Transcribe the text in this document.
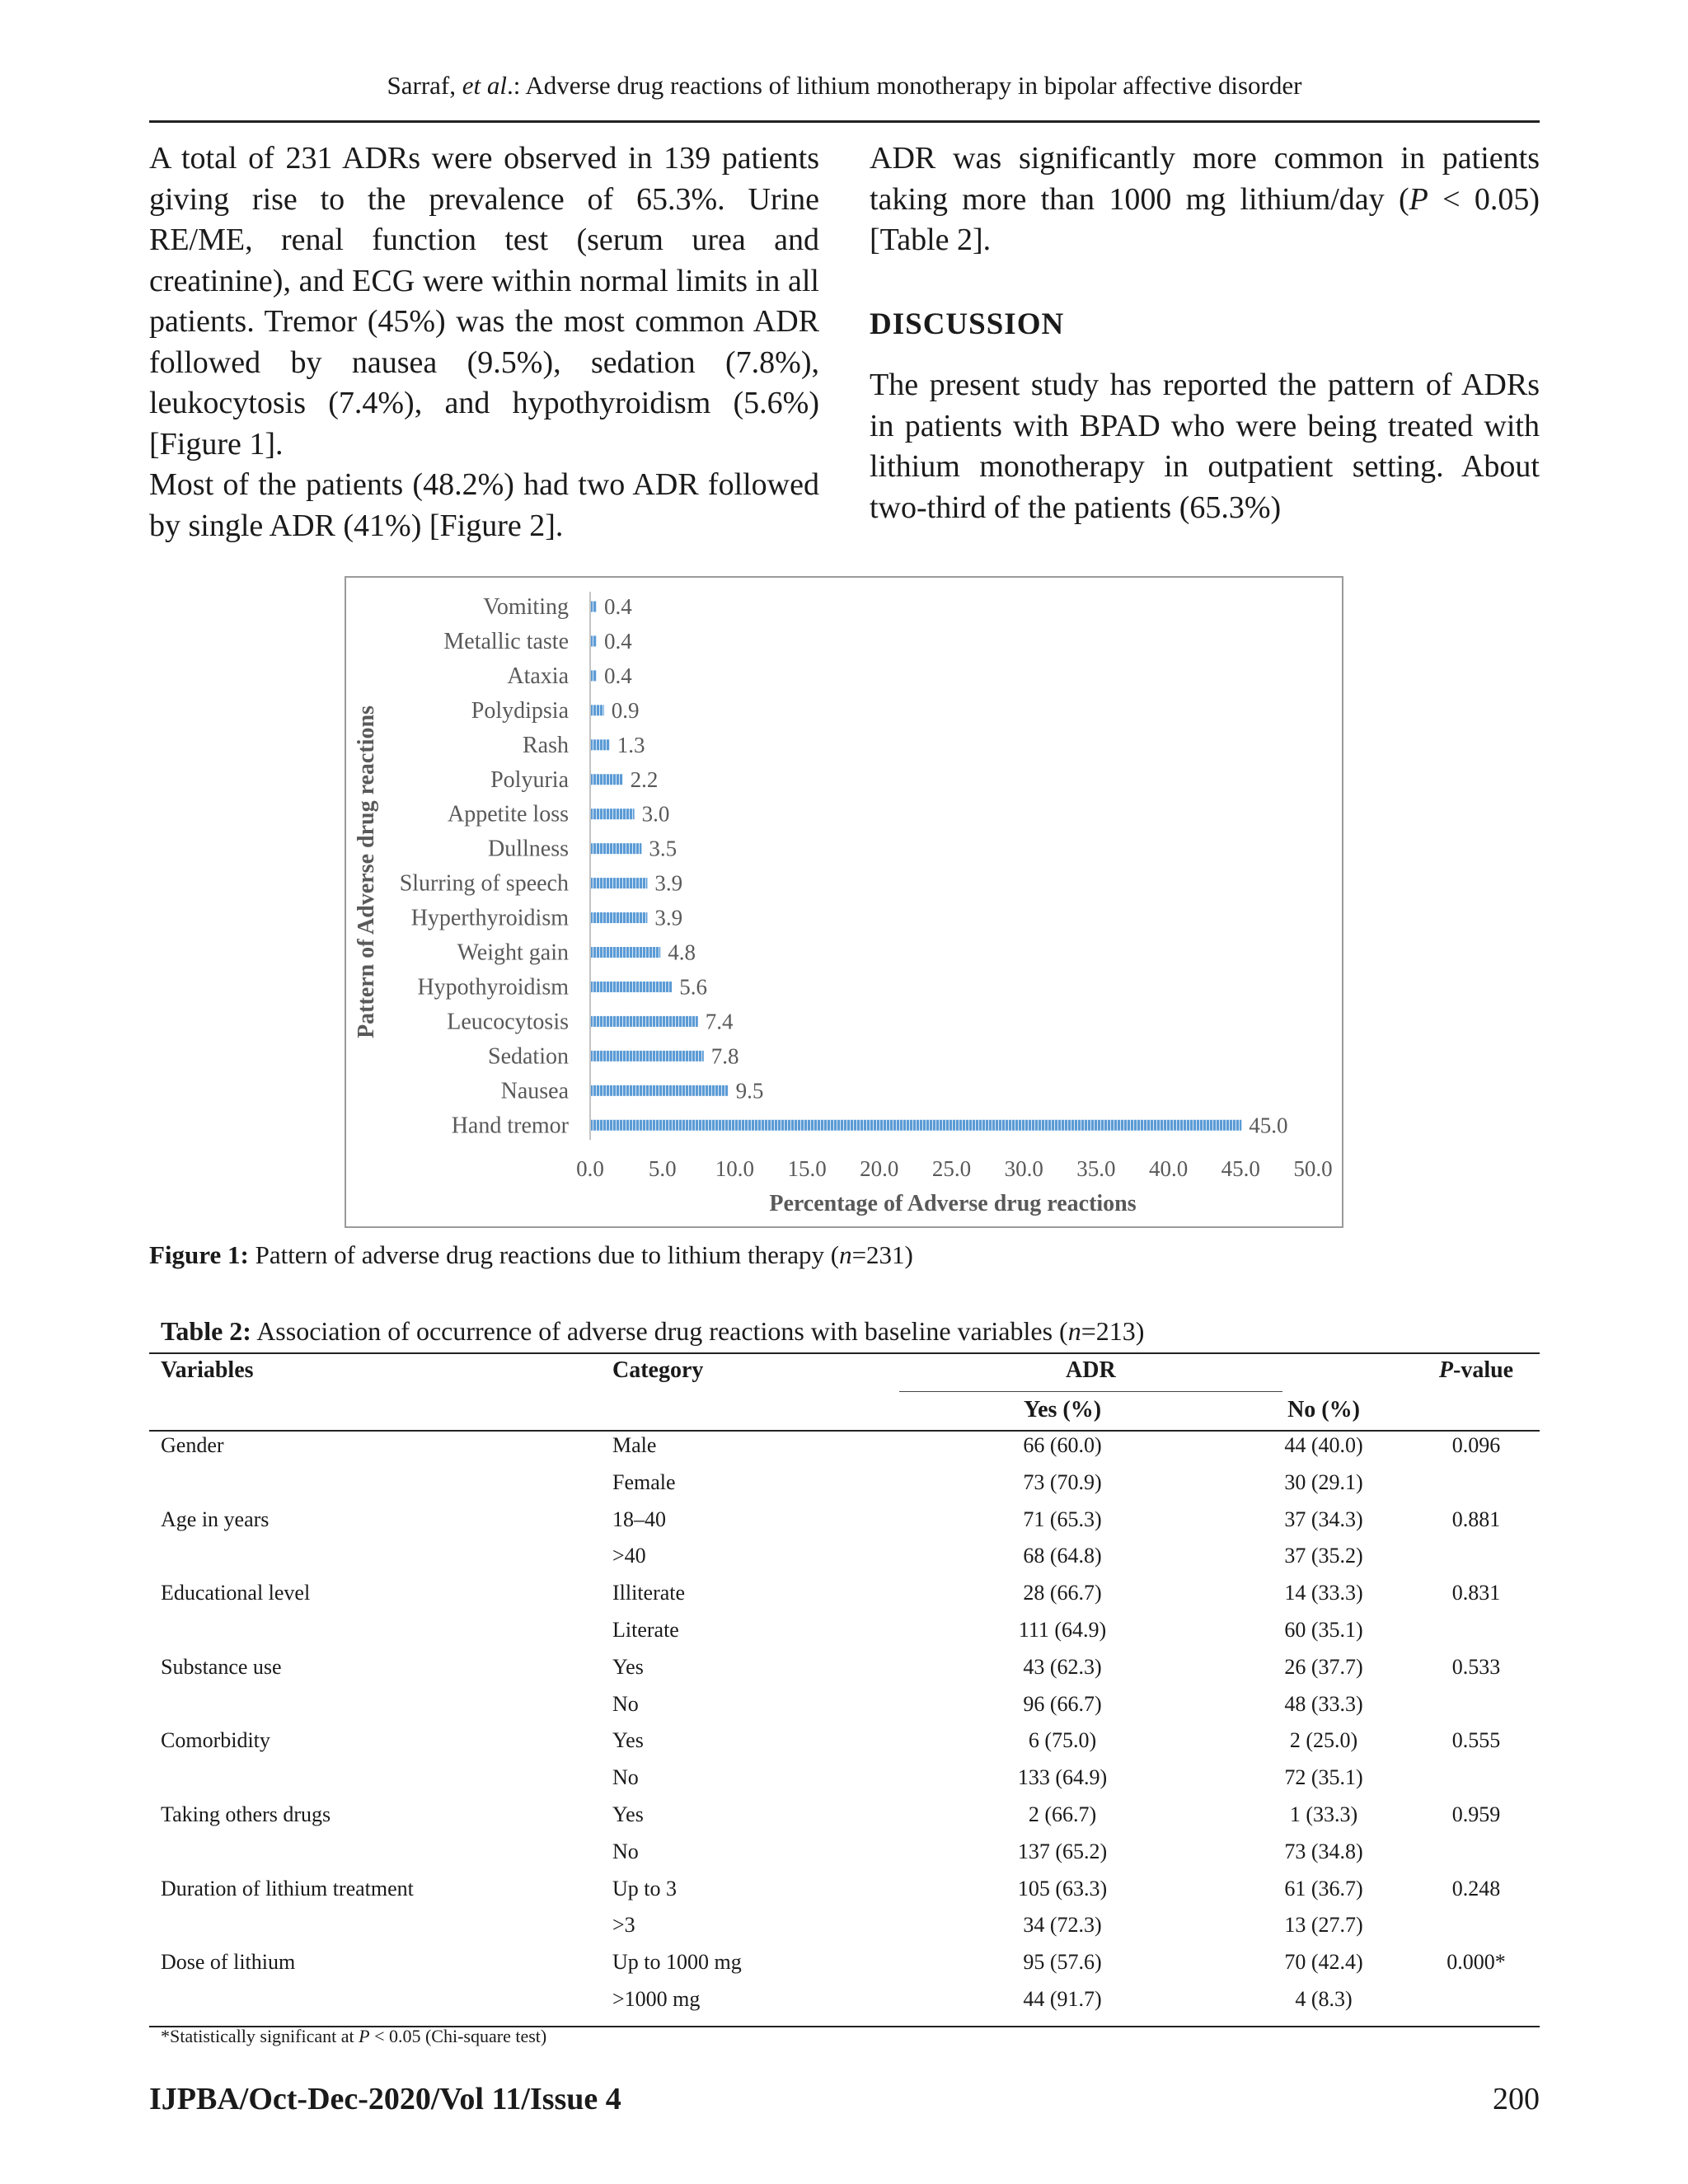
Sarraf, et al.: Adverse drug reactions of lithium monotherapy in bipolar affective disorder

A total of 231 ADRs were observed in 139 patients giving rise to the prevalence of 65.3%. Urine RE/ME, renal function test (serum urea and creatinine), and ECG were within normal limits in all patients. Tremor (45%) was the most common ADR followed by nausea (9.5%), sedation (7.8%), leukocytosis (7.4%), and hypothyroidism (5.6%) [Figure 1].

Most of the patients (48.2%) had two ADR followed by single ADR (41%) [Figure 2].

ADR was significantly more common in patients taking more than 1000 mg lithium/day (P < 0.05) [Table 2].

DISCUSSION

The present study has reported the pattern of ADRs in patients with BPAD who were being treated with lithium monotherapy in outpatient setting. About two-third of the patients (65.3%)

Vomiting 0.4
Metallic taste 0.4
Ataxia 0.4
Polydipsia 0.9
Rash 1.3
Polyuria	2.2
Appetite loss	3.0
Dullness	3.5
Slurring of speech	3.9
Hyperthyroidism	3.9
Weight gain	4.8
Hypothyroidism	5.6
Leucocytosis	7.4
Sedation	7.8
Nausea	9.5
Hand tremor	45.0
0.0 5.0 10.0 15.0 20.0 25.0 30.0 35.0 40.0 45.0 50.0
Percentage of Adverse drug reactions
Pattern of Adverse drug reactions
Figure 1: Pattern of adverse drug reactions due to lithium therapy (n=231)
Table 2: Association of occurrence of adverse drug reactions with baseline variables (n=213)
Variables	Category	ADR	P-value
Yes (%)	No (%)
Gender	Male	66 (60.0)	44 (40.0)	0.096
Female	73 (70.9)	30 (29.1)
Age in years	18–40	71 (65.3)	37 (34.3)	0.881
>40	68 (64.8)	37 (35.2)
Educational level	Illiterate	28 (66.7)	14 (33.3)	0.831
Literate	111 (64.9)	60 (35.1)
Substance use	Yes	43 (62.3)	26 (37.7)	0.533
No	96 (66.7)	48 (33.3)
Comorbidity	Yes	6 (75.0)	2 (25.0)	0.555
No	133 (64.9)	72 (35.1)
Taking others drugs	Yes	2 (66.7)	1 (33.3)	0.959
No	137 (65.2)	73 (34.8)
Duration of lithium treatment	Up to 3	105 (63.3)	61 (36.7)	0.248
>3	34 (72.3)	13 (27.7)
Dose of lithium	Up to 1000 mg	95 (57.6)	70 (42.4)	0.000*
>1000 mg	44 (91.7)	4 (8.3)
*Statistically significant at P < 0.05 (Chi-square test)
IJPBA/Oct-Dec-2020/Vol 11/Issue 4	200
